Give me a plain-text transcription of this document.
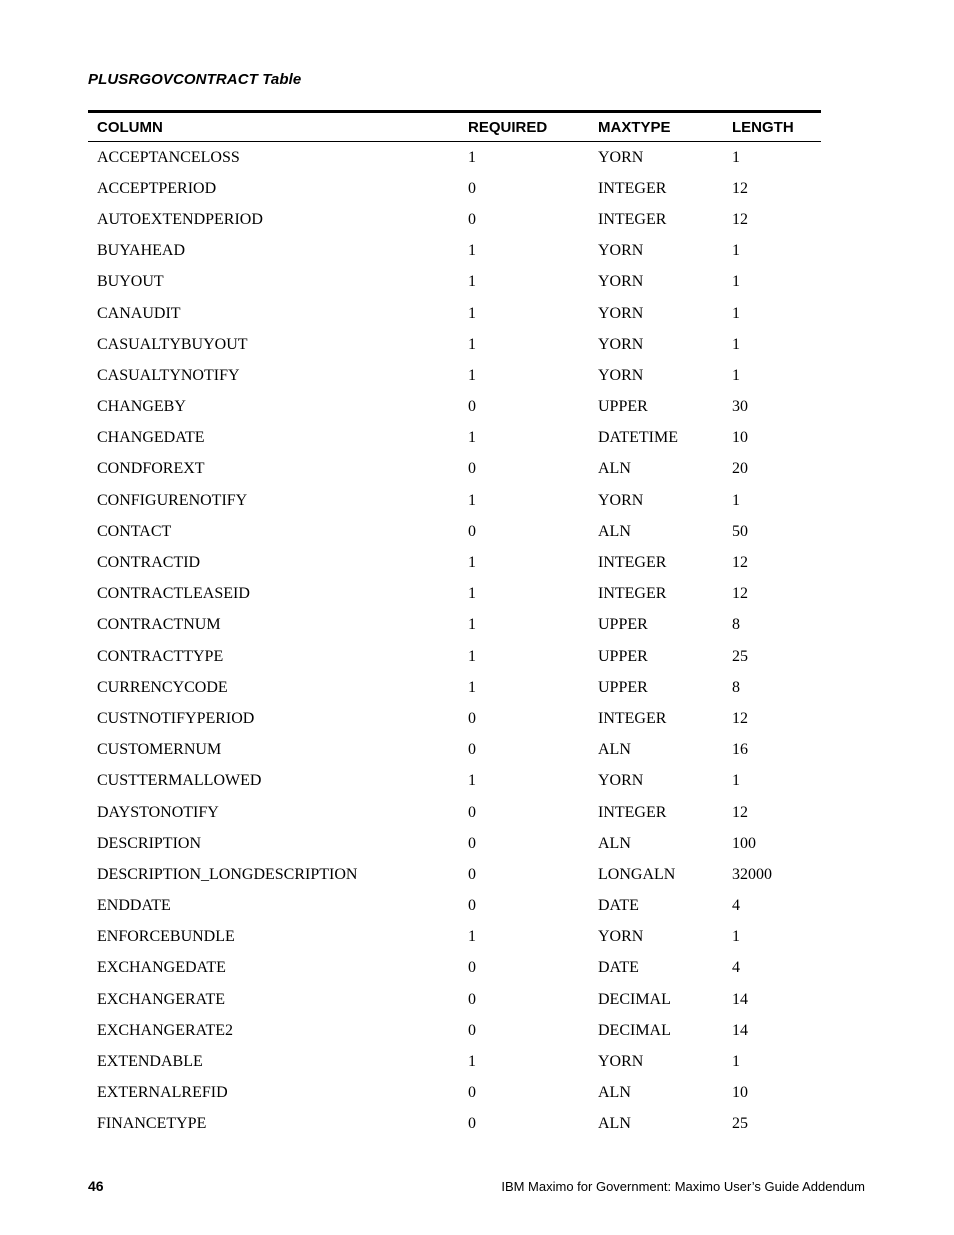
PLUSRGOVCONTRACT Table
COLUMN	REQUIRED	MAXTYPE	LENGTH
ACCEPTANCELOSS	1	YORN	1
ACCEPTPERIOD	0	INTEGER	12
AUTOEXTENDPERIOD	0	INTEGER	12
BUYAHEAD	1	YORN	1
BUYOUT	1	YORN	1
CANAUDIT	1	YORN	1
CASUALTYBUYOUT	1	YORN	1
CASUALTYNOTIFY	1	YORN	1
CHANGEBY	0	UPPER	30
CHANGEDATE	1	DATETIME	10
CONDFOREXT	0	ALN	20
CONFIGURENOTIFY	1	YORN	1
CONTACT	0	ALN	50
CONTRACTID	1	INTEGER	12
CONTRACTLEASEID	1	INTEGER	12
CONTRACTNUM	1	UPPER	8
CONTRACTTYPE	1	UPPER	25
CURRENCYCODE	1	UPPER	8
CUSTNOTIFYPERIOD	0	INTEGER	12
CUSTOMERNUM	0	ALN	16
CUSTTERMALLOWED	1	YORN	1
DAYSTONOTIFY	0	INTEGER	12
DESCRIPTION	0	ALN	100
DESCRIPTION_LONGDESCRIPTION	0	LONGALN	32000
ENDDATE	0	DATE	4
ENFORCEBUNDLE	1	YORN	1
EXCHANGEDATE	0	DATE	4
EXCHANGERATE	0	DECIMAL	14
EXCHANGERATE2	0	DECIMAL	14
EXTENDABLE	1	YORN	1
EXTERNALREFID	0	ALN	10
FINANCETYPE	0	ALN	25
46	IBM Maximo for Government: Maximo User’s Guide Addendum
